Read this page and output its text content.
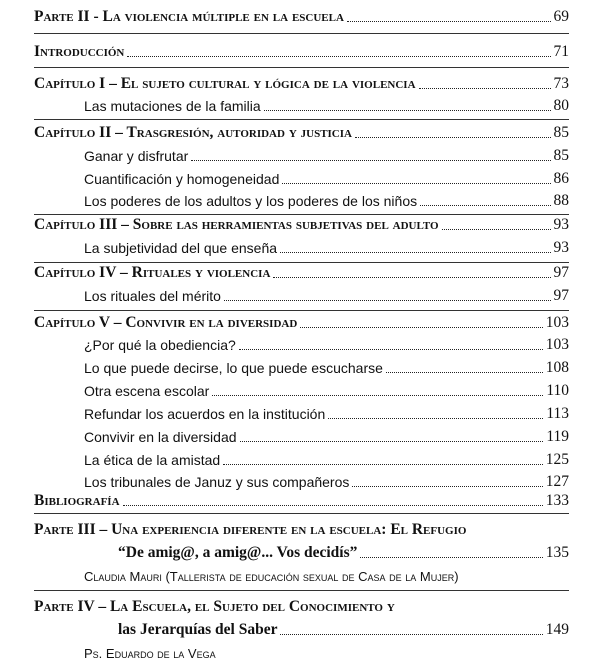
Parte II - La violencia múltiple en la escuela	69
Introducción	71
Capítulo I – El sujeto cultural y lógica de la violencia	73
Las mutaciones de la familia	80
Capítulo II – Trasgresión, autoridad y justicia	85
Ganar y disfrutar	85
Cuantificación y homogeneidad	86
Los poderes de los adultos y los poderes de los niños	88
Capítulo III – Sobre las herramientas subjetivas del adulto	93
La subjetividad del que enseña	93
Capítulo IV – Rituales y violencia	97
Los rituales del mérito	97
Capítulo V – Convivir en la diversidad	103
¿Por qué la obediencia?	103
Lo que puede decirse, lo que puede escucharse	108
Otra escena escolar	110
Refundar los acuerdos en la institución	113
Convivir en la diversidad	119
La ética de la amistad	125
Los tribunales de Januz y sus compañeros	127
Bibliografía	133
Parte III – Una experiencia diferente en la escuela: El Refugio
“De amig@, a amig@... Vos decidís”	135
Claudia Mauri (Tallerista de educación sexual de Casa de la Mujer)
Parte IV – La Escuela, el Sujeto del Conocimiento y
las Jerarquías del Saber	149
Ps. Eduardo de la Vega
